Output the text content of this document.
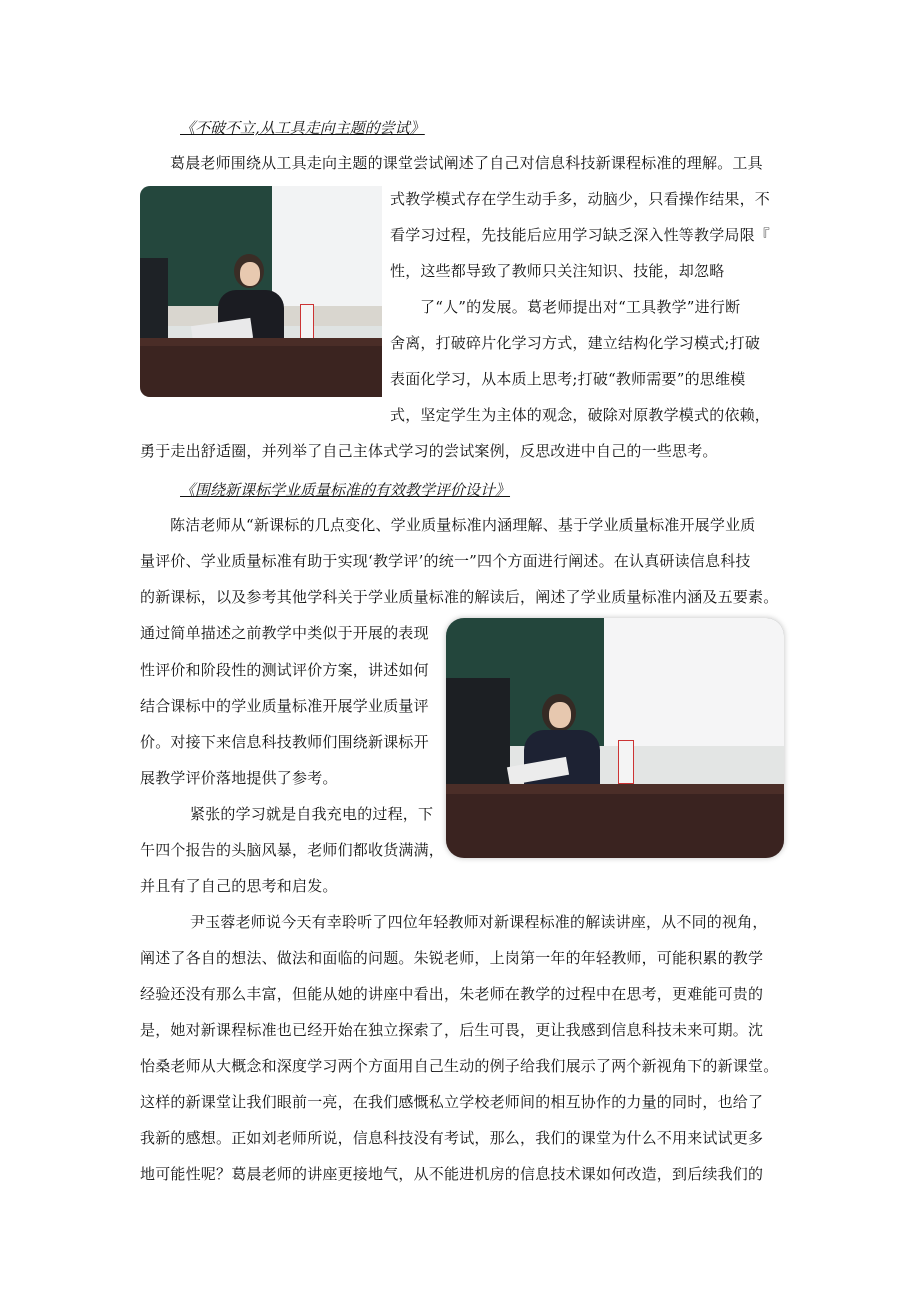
《不破不立,从工具走向主题的尝试》
葛晨老师围绕从工具走向主题的课堂尝试阐述了自己对信息科技新课程标准的理解。工具
式教学模式存在学生动手多，动脑少，只看操作结果，不
看学习过程，先技能后应用学习缺乏深入性等教学局限『
性，这些都导致了教师只关注知识、技能，却忽略
了“人”的发展。葛老师提出对“工具教学”进行断
舍离，打破碎片化学习方式，建立结构化学习模式;打破
表面化学习，从本质上思考;打破“教师需要”的思维模
式，坚定学生为主体的观念，破除对原教学模式的依赖，
勇于走出舒适圈，并列举了自己主体式学习的尝试案例，反思改进中自己的一些思考。
《围绕新课标学业质量标准的有效教学评价设计》
陈洁老师从“新课标的几点变化、学业质量标准内涵理解、基于学业质量标准开展学业质
量评价、学业质量标准有助于实现‘教学评’的统一”四个方面进行阐述。在认真研读信息科技
的新课标，以及参考其他学科关于学业质量标准的解读后，阐述了学业质量标准内涵及五要素。
通过简单描述之前教学中类似于开展的表现
性评价和阶段性的测试评价方案，讲述如何
结合课标中的学业质量标准开展学业质量评
价。对接下来信息科技教师们围绕新课标开
展教学评价落地提供了参考。
紧张的学习就是自我充电的过程，下
午四个报告的头脑风暴，老师们都收货满满，
并且有了自己的思考和启发。
尹玉蓉老师说今天有幸聆听了四位年轻教师对新课程标准的解读讲座，从不同的视角，
阐述了各自的想法、做法和面临的问题。朱锐老师，上岗第一年的年轻教师，可能积累的教学
经验还没有那么丰富，但能从她的讲座中看出，朱老师在教学的过程中在思考，更难能可贵的
是，她对新课程标准也已经开始在独立探索了，后生可畏，更让我感到信息科技未来可期。沈
怡桑老师从大概念和深度学习两个方面用自己生动的例子给我们展示了两个新视角下的新课堂。
这样的新课堂让我们眼前一亮，在我们感慨私立学校老师间的相互协作的力量的同时，也给了
我新的感想。正如刘老师所说，信息科技没有考试，那么，我们的课堂为什么不用来试试更多
地可能性呢？葛晨老师的讲座更接地气，从不能进机房的信息技术课如何改造，到后续我们的
